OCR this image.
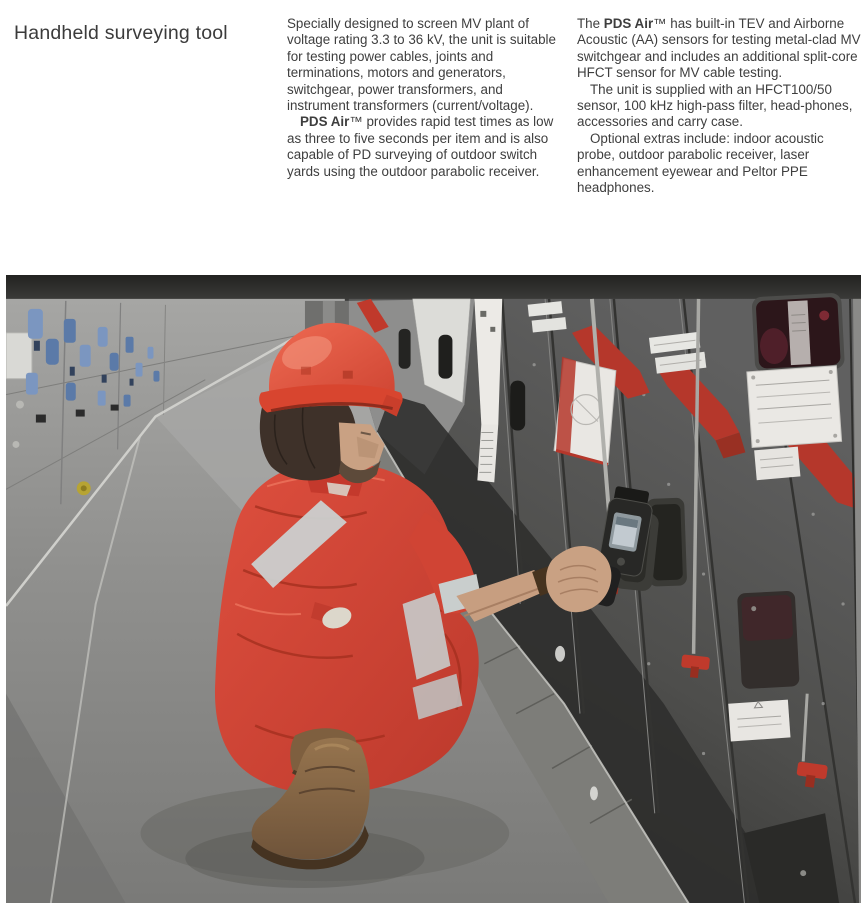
Handheld surveying tool	Specially designed to screen MV plant of voltage rating 3.3 to 36 kV, the unit is suitable for testing power cables, joints and terminations, motors and generators, switchgear, power transformers, and instrument transformers (current/voltage).

PDS Air™ provides rapid test times as low as three to five seconds per item and is also capable of PD surveying of outdoor switch yards using the outdoor parabolic receiver.

The PDS Air™ has built-in TEV and Airborne Acoustic (AA) sensors for testing metal-clad MV switchgear and includes an additional split-core HFCT sensor for MV cable testing.

The unit is supplied with an HFCT100/50 sensor, 100 kHz high-pass filter, head-phones, accessories and carry case.

Optional extras include: indoor acoustic probe, outdoor parabolic receiver, laser enhancement eyewear and Peltor PPE headphones.
